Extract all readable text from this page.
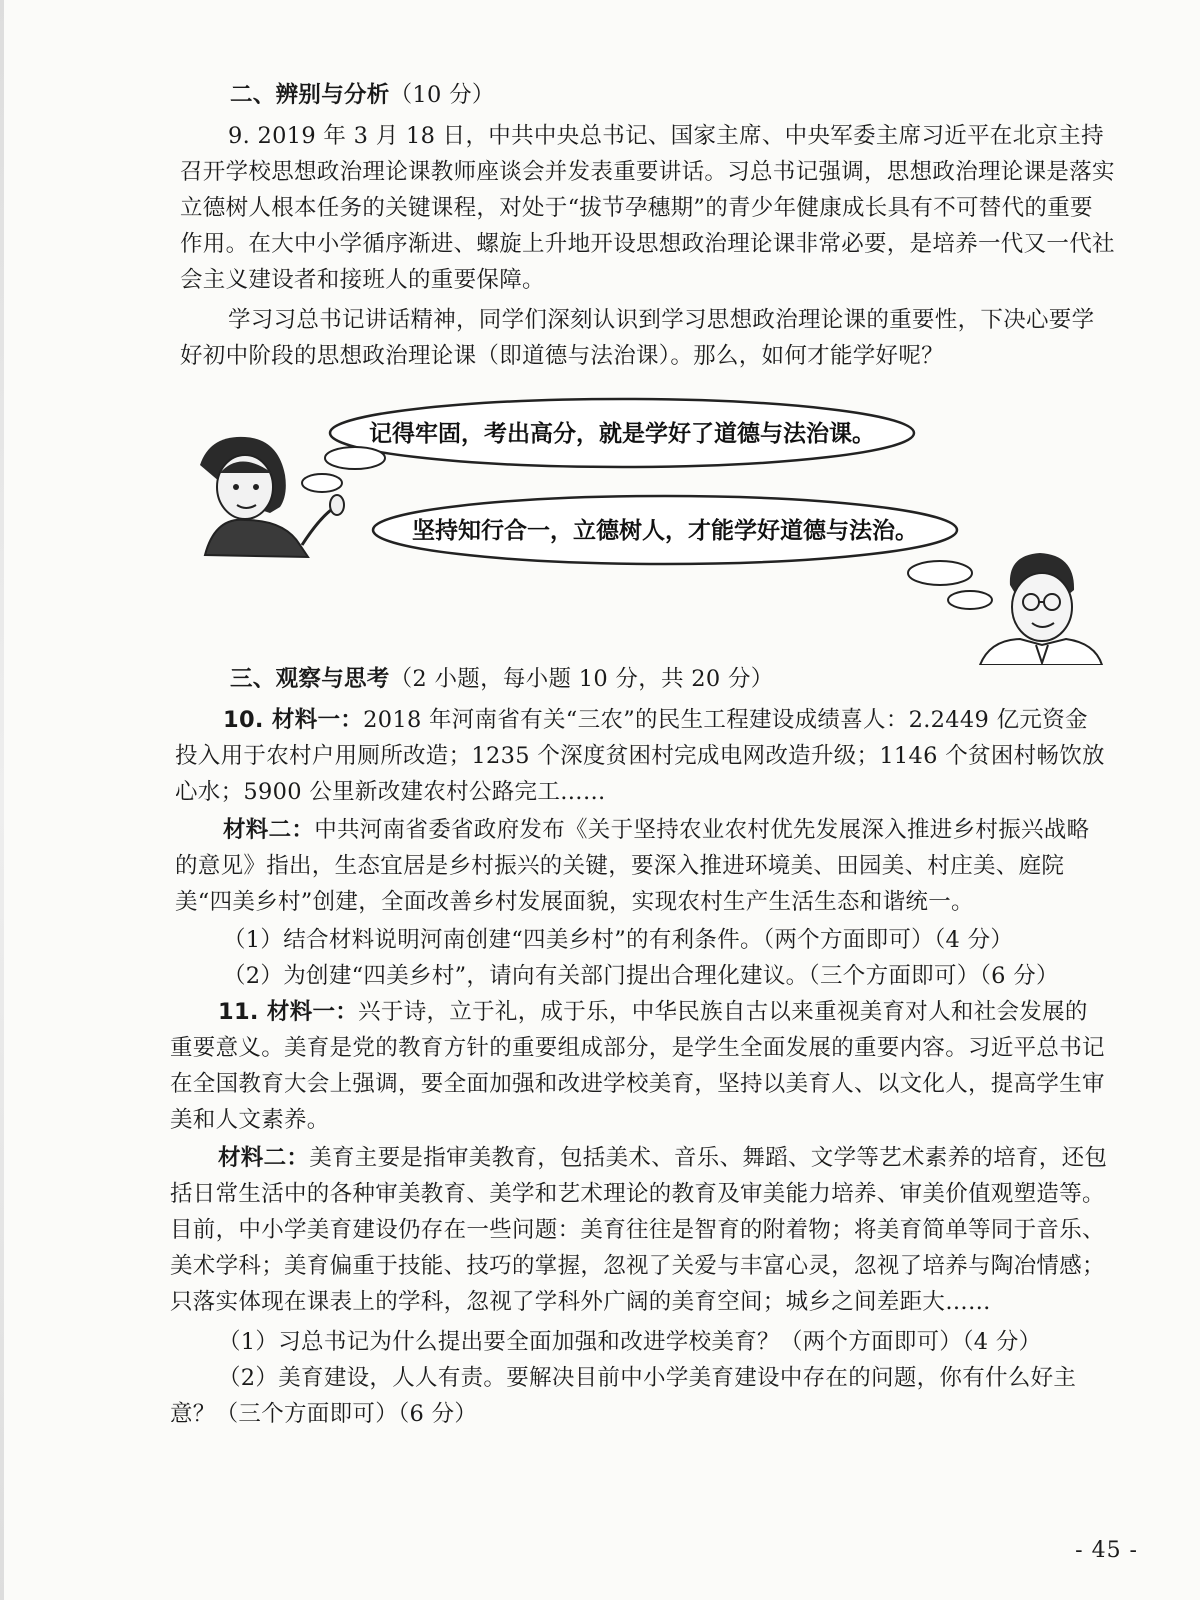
二、辨别与分析（10 分）

9. 2019 年 3 月 18 日，中共中央总书记、国家主席、中央军委主席习近平在北京主持召开学校思想政治理论课教师座谈会并发表重要讲话。习总书记强调，思想政治理论课是落实立德树人根本任务的关键课程，对处于“拔节孕穗期”的青少年健康成长具有不可替代的重要作用。在大中小学循序渐进、螺旋上升地开设思想政治理论课非常必要，是培养一代又一代社会主义建设者和接班人的重要保障。

学习习总书记讲话精神，同学们深刻认识到学习思想政治理论课的重要性，下决心要学好初中阶段的思想政治理论课（即道德与法治课）。那么，如何才能学好呢？

记得牢固，考出高分，就是学好了道德与法治课。
坚持知行合一，立德树人，才能学好道德与法治。
三、观察与思考（2 小题，每小题 10 分，共 20 分）

10. 材料一：2018 年河南省有关“三农”的民生工程建设成绩喜人：2.2449 亿元资金投入用于农村户用厕所改造；1235 个深度贫困村完成电网改造升级；1146 个贫困村畅饮放心水；5900 公里新改建农村公路完工……

材料二：中共河南省委省政府发布《关于坚持农业农村优先发展深入推进乡村振兴战略的意见》指出，生态宜居是乡村振兴的关键，要深入推进环境美、田园美、村庄美、庭院美“四美乡村”创建，全面改善乡村发展面貌，实现农村生产生活生态和谐统一。

（1）结合材料说明河南创建“四美乡村”的有利条件。（两个方面即可）（4 分）

（2）为创建“四美乡村”，请向有关部门提出合理化建议。（三个方面即可）（6 分）

11. 材料一：兴于诗，立于礼，成于乐，中华民族自古以来重视美育对人和社会发展的重要意义。美育是党的教育方针的重要组成部分，是学生全面发展的重要内容。习近平总书记在全国教育大会上强调，要全面加强和改进学校美育，坚持以美育人、以文化人，提高学生审美和人文素养。

材料二：美育主要是指审美教育，包括美术、音乐、舞蹈、文学等艺术素养的培育，还包括日常生活中的各种审美教育、美学和艺术理论的教育及审美能力培养、审美价值观塑造等。目前，中小学美育建设仍存在一些问题：美育往往是智育的附着物；将美育简单等同于音乐、美术学科；美育偏重于技能、技巧的掌握，忽视了关爱与丰富心灵，忽视了培养与陶冶情感；只落实体现在课表上的学科，忽视了学科外广阔的美育空间；城乡之间差距大……

（1）习总书记为什么提出要全面加强和改进学校美育？（两个方面即可）（4 分）

（2）美育建设，人人有责。要解决目前中小学美育建设中存在的问题，你有什么好主意？（三个方面即可）（6 分）

- 45 -
